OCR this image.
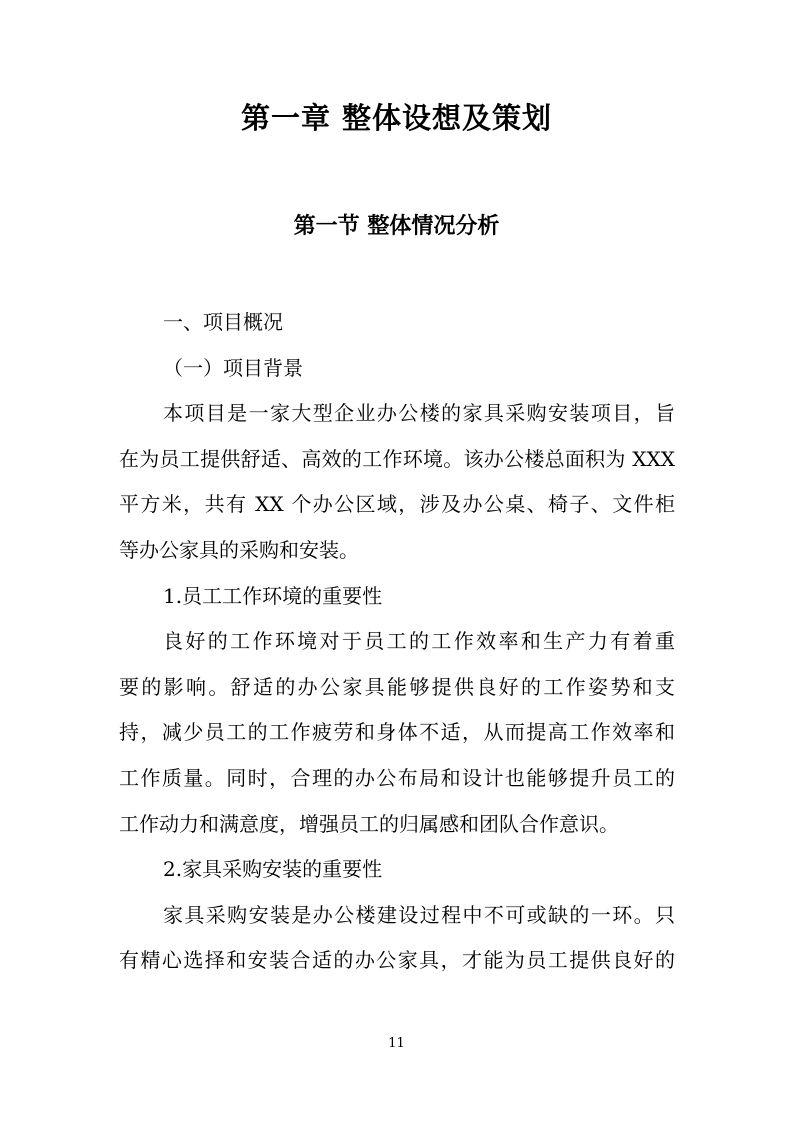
第一章 整体设想及策划
第一节 整体情况分析
一、项目概况
（一）项目背景
本项目是一家大型企业办公楼的家具采购安装项目，旨
在为员工提供舒适、高效的工作环境。该办公楼总面积为 XXX
平方米，共有 XX 个办公区域，涉及办公桌、椅子、文件柜
等办公家具的采购和安装。
1.员工工作环境的重要性
良好的工作环境对于员工的工作效率和生产力有着重
要的影响。舒适的办公家具能够提供良好的工作姿势和支
持，减少员工的工作疲劳和身体不适，从而提高工作效率和
工作质量。同时，合理的办公布局和设计也能够提升员工的
工作动力和满意度，增强员工的归属感和团队合作意识。
2.家具采购安装的重要性
家具采购安装是办公楼建设过程中不可或缺的一环。只
有精心选择和安装合适的办公家具，才能为员工提供良好的
11
